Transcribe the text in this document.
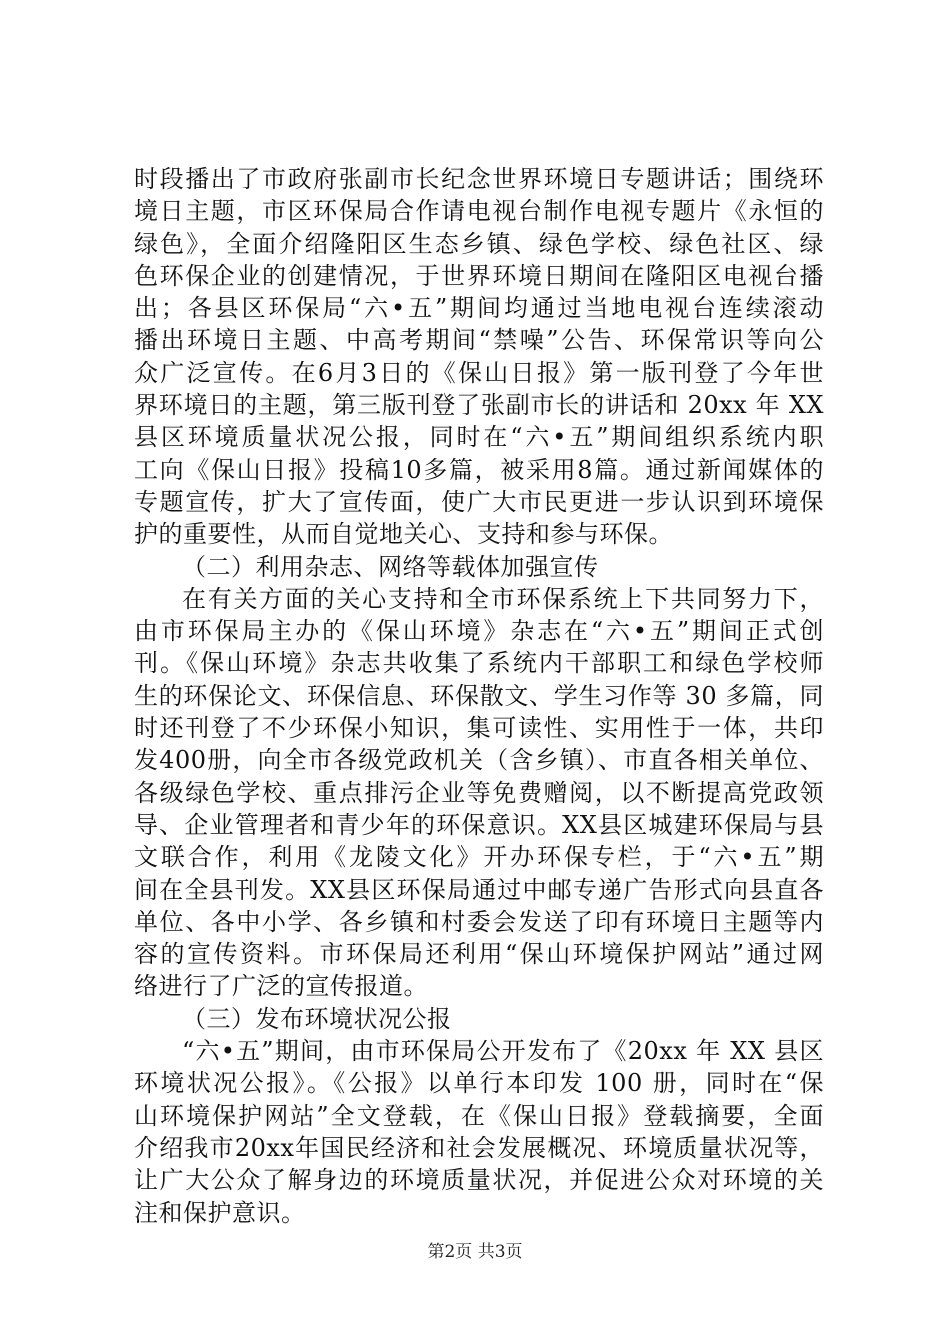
时段播出了市政府张副市长纪念世界环境日专题讲话；围绕环
境日主题，市区环保局合作请电视台制作电视专题片《永恒的
绿色》，全面介绍隆阳区生态乡镇、绿色学校、绿色社区、绿
色环保企业的创建情况，于世界环境日期间在隆阳区电视台播
出；各县区环保局“六•五”期间均通过当地电视台连续滚动
播出环境日主题、中高考期间“禁噪”公告、环保常识等向公
众广泛宣传。在6月3日的《保山日报》第一版刊登了今年世
界环境日的主题，第三版刊登了张副市长的讲话和 20xx 年 XX
县区环境质量状况公报，同时在“六•五”期间组织系统内职
工向《保山日报》投稿10多篇，被采用8篇。通过新闻媒体的
专题宣传，扩大了宣传面，使广大市民更进一步认识到环境保
护的重要性，从而自觉地关心、支持和参与环保。
（二）利用杂志、网络等载体加强宣传
在有关方面的关心支持和全市环保系统上下共同努力下，
由市环保局主办的《保山环境》杂志在“六•五”期间正式创
刊。《保山环境》杂志共收集了系统内干部职工和绿色学校师
生的环保论文、环保信息、环保散文、学生习作等 30 多篇，同
时还刊登了不少环保小知识，集可读性、实用性于一体，共印
发400册，向全市各级党政机关（含乡镇）、市直各相关单位、
各级绿色学校、重点排污企业等免费赠阅，以不断提高党政领
导、企业管理者和青少年的环保意识。XX县区城建环保局与县
文联合作，利用《龙陵文化》开办环保专栏，于“六•五”期
间在全县刊发。XX县区环保局通过中邮专递广告形式向县直各
单位、各中小学、各乡镇和村委会发送了印有环境日主题等内
容的宣传资料。市环保局还利用“保山环境保护网站”通过网
络进行了广泛的宣传报道。
（三）发布环境状况公报
“六•五”期间，由市环保局公开发布了《20xx 年 XX 县区
环境状况公报》。《公报》以单行本印发 100 册，同时在“保
山环境保护网站”全文登载，在《保山日报》登载摘要，全面
介绍我市20xx年国民经济和社会发展概况、环境质量状况等，
让广大公众了解身边的环境质量状况，并促进公众对环境的关
注和保护意识。
第2页 共3页
